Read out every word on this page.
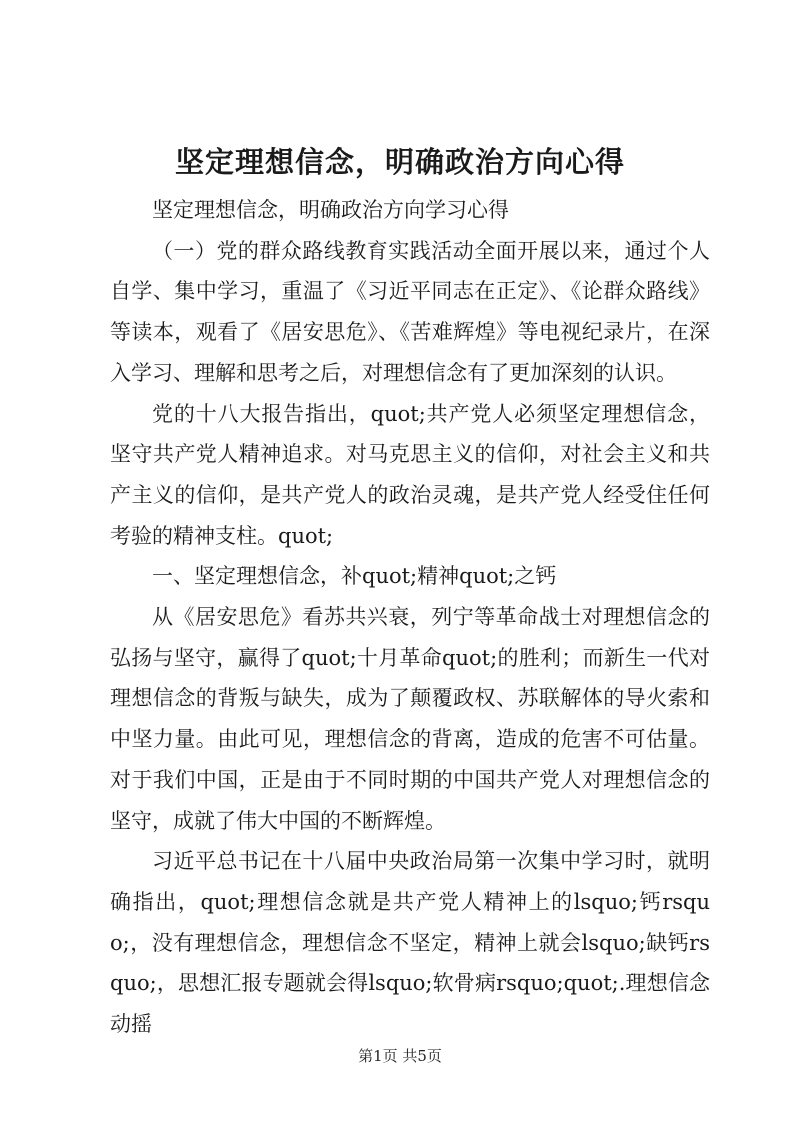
坚定理想信念，明确政治方向心得

坚定理想信念，明确政治方向学习心得

（一）党的群众路线教育实践活动全面开展以来，通过个人自学、集中学习，重温了《习近平同志在正定》、《论群众路线》等读本，观看了《居安思危》、《苦难辉煌》等电视纪录片，在深入学习、理解和思考之后，对理想信念有了更加深刻的认识。

党的十八大报告指出，quot;共产党人必须坚定理想信念，坚守共产党人精神追求。对马克思主义的信仰，对社会主义和共产主义的信仰，是共产党人的政治灵魂，是共产党人经受住任何考验的精神支柱。quot;

一、坚定理想信念，补quot;精神quot;之钙

从《居安思危》看苏共兴衰，列宁等革命战士对理想信念的弘扬与坚守，赢得了quot;十月革命quot;的胜利；而新生一代对理想信念的背叛与缺失，成为了颠覆政权、苏联解体的导火索和中坚力量。由此可见，理想信念的背离，造成的危害不可估量。对于我们中国，正是由于不同时期的中国共产党人对理想信念的坚守，成就了伟大中国的不断辉煌。

习近平总书记在十八届中央政治局第一次集中学习时，就明确指出，quot;理想信念就是共产党人精神上的lsquo;钙rsquo;，没有理想信念，理想信念不坚定，精神上就会lsquo;缺钙rsquo;，思想汇报专题就会得lsquo;软骨病rsquo;quot;.理想信念动摇

第1页 共5页
